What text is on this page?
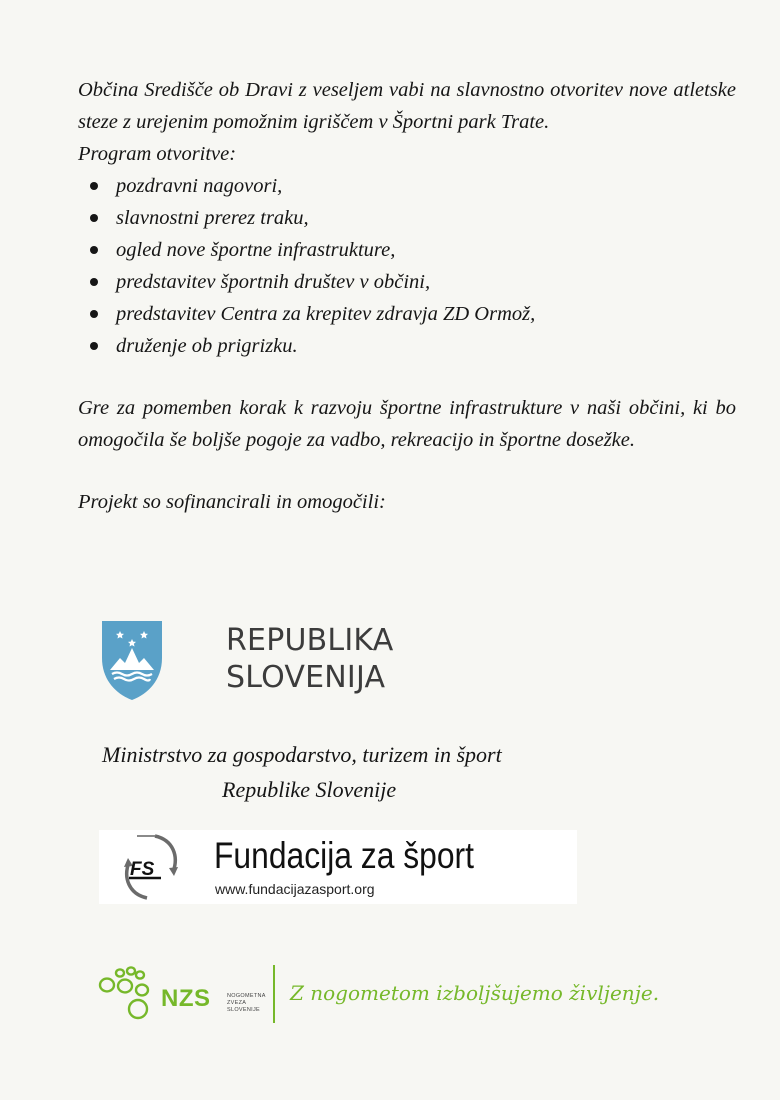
Občina Središče ob Dravi z veseljem vabi na slavnostno otvoritev nove atletske steze z urejenim pomožnim igriščem v Športni park Trate.

Program otvoritve:

pozdravni nagovori,
slavnostni prerez traku,
ogled nove športne infrastrukture,
predstavitev športnih društev v občini,
predstavitev Centra za krepitev zdravja ZD Ormož,
druženje ob prigrizku.

Gre za pomemben korak k razvoju športne infrastrukture v naši občini, ki bo omogočila še boljše pogoje za vadbo, rekreacijo in športne dosežke.

Projekt so sofinancirali in omogočili:

REPUBLIKA
SLOVENIJA
Ministrstvo za gospodarstvo, turizem in šport
Republike Slovenije
FS Fundacija za šport
www.fundacijazasport.org
NZS	NOGOMETNA
ZVEZA
SLOVENIJE
Z nogometom izboljšujemo življenje.
